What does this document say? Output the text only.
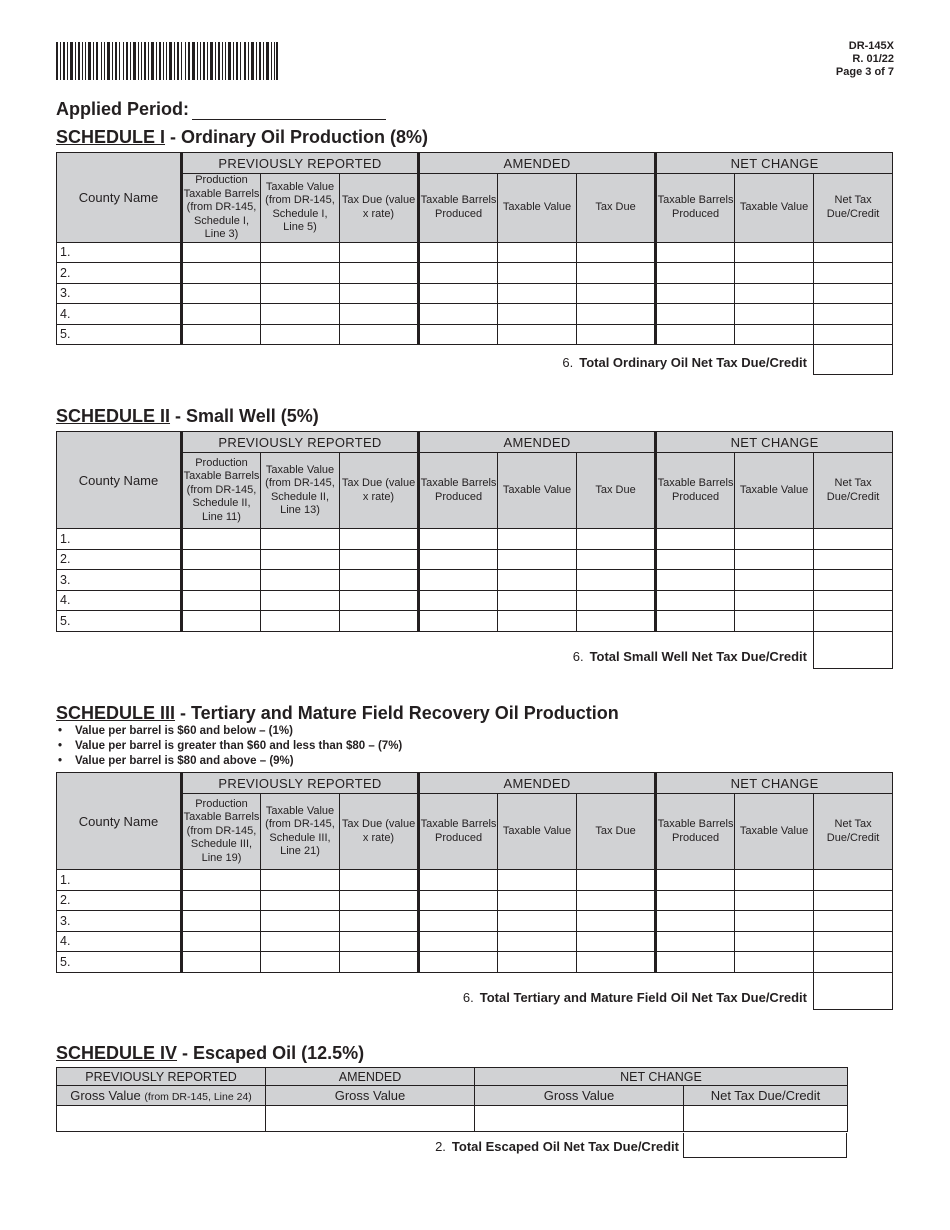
DR-145X
R. 01/22
Page 3 of 7
Applied Period:
SCHEDULE I - Ordinary Oil Production (8%)
County Name	PREVIOUSLY REPORTED			AMENDED			NET CHANGE		
	Production Taxable Barrels (from DR-145, Schedule I, Line 3)	Taxable Value (from DR-145, Schedule I, Line 5)	Tax Due (value x rate)	Taxable Barrels Produced	Taxable Value	Tax Due	Taxable Barrels Produced	Taxable Value	Net Tax Due/Credit
1.									
2.									
3.									
4.									
5.									
6. Total Ordinary Oil Net Tax Due/Credit
SCHEDULE II - Small Well (5%)
County Name	PREVIOUSLY REPORTED			AMENDED			NET CHANGE		
	Production Taxable Barrels (from DR-145, Schedule II, Line 11)	Taxable Value (from DR-145, Schedule II, Line 13)	Tax Due (value x rate)	Taxable Barrels Produced	Taxable Value	Tax Due	Taxable Barrels Produced	Taxable Value	Net Tax Due/Credit
1.									
2.									
3.									
4.									
5.									
6. Total Small Well Net Tax Due/Credit
SCHEDULE III - Tertiary and Mature Field Recovery Oil Production
• Value per barrel is $60 and below – (1%)
• Value per barrel is greater than $60 and less than $80 – (7%)
• Value per barrel is $80 and above – (9%)
County Name	PREVIOUSLY REPORTED			AMENDED			NET CHANGE		
	Production Taxable Barrels (from DR-145, Schedule III, Line 19)	Taxable Value (from DR-145, Schedule III, Line 21)	Tax Due (value x rate)	Taxable Barrels Produced	Taxable Value	Tax Due	Taxable Barrels Produced	Taxable Value	Net Tax Due/Credit
1.									
2.									
3.									
4.									
5.									
6. Total Tertiary and Mature Field Oil Net Tax Due/Credit
SCHEDULE IV - Escaped Oil (12.5%)
PREVIOUSLY REPORTED	AMENDED	NET CHANGE	
Gross Value (from DR-145, Line 24)	Gross Value	Gross Value	Net Tax Due/Credit

2. Total Escaped Oil Net Tax Due/Credit
